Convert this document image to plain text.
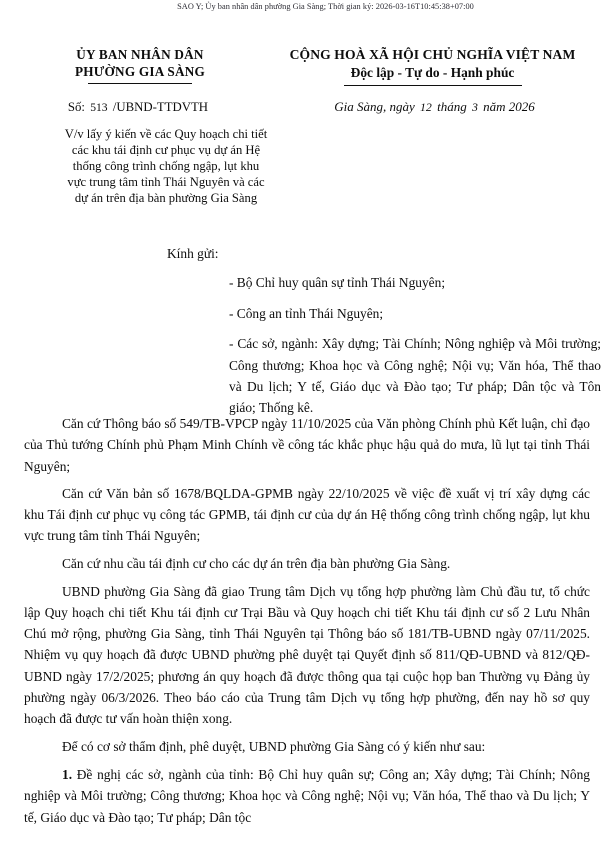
SAO Y; Ủy ban nhân dân phường Gia Sàng; Thời gian ký: 2026-03-16T10:45:38+07:00
ỦY BAN NHÂN DÂN
PHƯỜNG GIA SÀNG
CỘNG HOÀ XÃ HỘI CHỦ NGHĨA VIỆT NAM
Độc lập - Tự do - Hạnh phúc
Số: 513 /UBND-TTDVTH	Gia Sàng, ngày 12 tháng 3 năm 2026
V/v lấy ý kiến về các Quy hoạch chi tiết các khu tái định cư phục vụ dự án Hệ thống công trình chống ngập, lụt khu vực trung tâm tỉnh Thái Nguyên và các dự án trên địa bàn phường Gia Sàng
Kính gửi:
- Bộ Chỉ huy quân sự tỉnh Thái Nguyên;
- Công an tỉnh Thái Nguyên;
- Các sở, ngành: Xây dựng; Tài Chính; Nông nghiệp và Môi trường; Công thương; Khoa học và Công nghệ; Nội vụ; Văn hóa, Thể thao và Du lịch; Y tế, Giáo dục và Đào tạo; Tư pháp; Dân tộc và Tôn giáo; Thống kê.

Căn cứ Thông báo số 549/TB-VPCP ngày 11/10/2025 của Văn phòng Chính phủ Kết luận, chỉ đạo của Thủ tướng Chính phủ Phạm Minh Chính về công tác khắc phục hậu quả do mưa, lũ lụt tại tỉnh Thái Nguyên;

Căn cứ Văn bản số 1678/BQLDA-GPMB ngày 22/10/2025 về việc đề xuất vị trí xây dựng các khu Tái định cư phục vụ công tác GPMB, tái định cư của dự án Hệ thống công trình chống ngập, lụt khu vực trung tâm tỉnh Thái Nguyên;

Căn cứ nhu cầu tái định cư cho các dự án trên địa bàn phường Gia Sàng.

UBND phường Gia Sàng đã giao Trung tâm Dịch vụ tổng hợp phường làm Chủ đầu tư, tổ chức lập Quy hoạch chi tiết Khu tái định cư Trại Bầu và Quy hoạch chi tiết Khu tái định cư số 2 Lưu Nhân Chú mở rộng, phường Gia Sàng, tỉnh Thái Nguyên tại Thông báo số 181/TB-UBND ngày 07/11/2025. Nhiệm vụ quy hoạch đã được UBND phường phê duyệt tại Quyết định số 811/QĐ-UBND và 812/QĐ-UBND ngày 17/2/2025; phương án quy hoạch đã được thông qua tại cuộc họp ban Thường vụ Đảng ủy phường ngày 06/3/2026. Theo báo cáo của Trung tâm Dịch vụ tổng hợp phường, đến nay hồ sơ quy hoạch đã được tư vấn hoàn thiện xong.

Để có cơ sở thẩm định, phê duyệt, UBND phường Gia Sàng có ý kiến như sau:

1. Đề nghị các sở, ngành của tỉnh: Bộ Chỉ huy quân sự; Công an; Xây dựng; Tài Chính; Nông nghiệp và Môi trường; Công thương; Khoa học và Công nghệ; Nội vụ; Văn hóa, Thể thao và Du lịch; Y tế, Giáo dục và Đào tạo; Tư pháp; Dân tộc
